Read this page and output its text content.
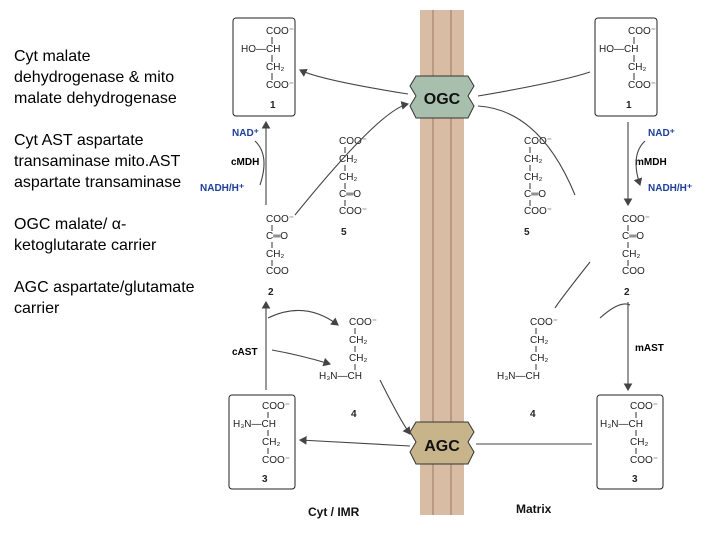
Cyt malate dehydrogenase & mito malate dehydrogenase

Cyt AST aspartate transaminase mito.AST aspartate transaminase

OGC malate/ α-ketoglutarate carrier

AGC aspartate/glutamate carrier

OGC
AGC
COO⁻
HO—CH
CH₂
COO⁻
1
COO⁻
C═O
CH₂
COO
2
COO⁻
H₃N—CH
CH₂
COO⁻
3
COO⁻
CH₂
CH₂
C═O
COO⁻
5
COO⁻
CH₂
CH₂
H₃N—CH
4
COO⁻
HO—CH
CH₂
COO⁻
1
COO⁻
C═O
CH₂
COO
2
COO⁻
H₃N—CH
CH₂
COO⁻
3
COO⁻
CH₂
CH₂
C═O
COO⁻
5
COO⁻
CH₂
CH₂
H₃N—CH
4
cMDH	mMDH
cAST	mAST
NAD⁺
NADH/H⁺
NAD⁺
NADH/H⁺
Cyt / IMR	Matrix
